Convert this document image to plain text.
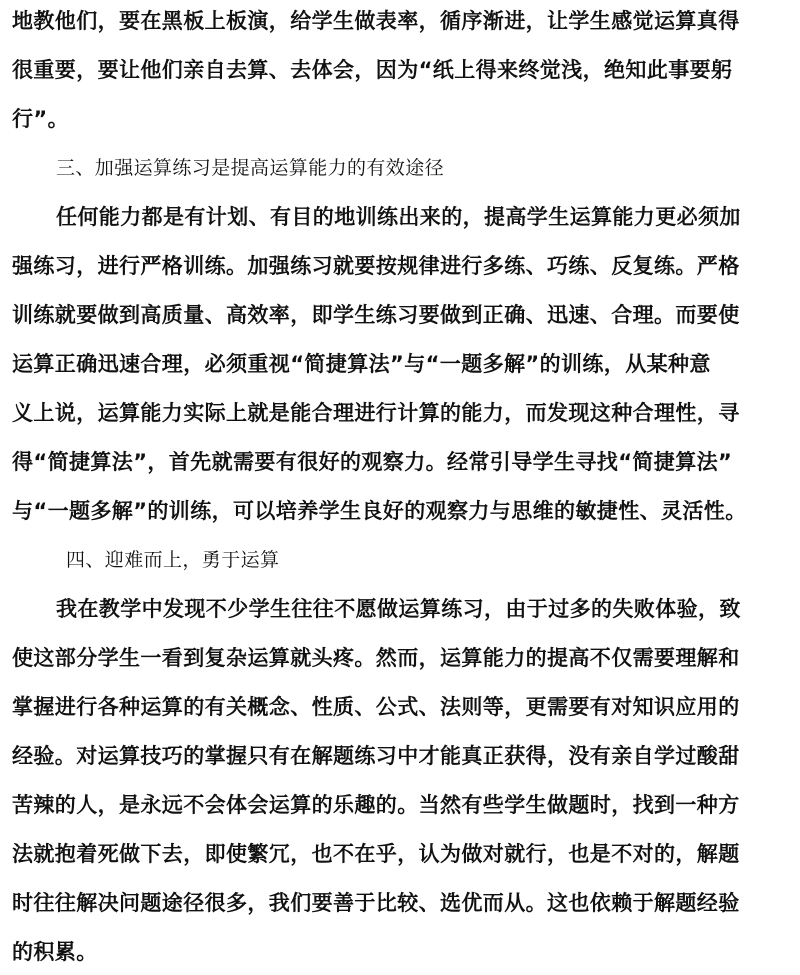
地教他们，要在黑板上板演，给学生做表率，循序渐进，让学生感觉运算真得
很重要，要让他们亲自去算、去体会，因为“纸上得来终觉浅，绝知此事要躬
行”。
三、加强运算练习是提高运算能力的有效途径
任何能力都是有计划、有目的地训练出来的，提高学生运算能力更必须加
强练习，进行严格训练。加强练习就要按规律进行多练、巧练、反复练。严格
训练就要做到高质量、高效率，即学生练习要做到正确、迅速、合理。而要使
运算正确迅速合理，必须重视“简捷算法”与“一题多解”的训练，从某种意
义上说，运算能力实际上就是能合理进行计算的能力，而发现这种合理性，寻
得“简捷算法”，首先就需要有很好的观察力。经常引导学生寻找“简捷算法”
与“一题多解”的训练，可以培养学生良好的观察力与思维的敏捷性、灵活性。
四、迎难而上，勇于运算
我在教学中发现不少学生往往不愿做运算练习，由于过多的失败体验，致
使这部分学生一看到复杂运算就头疼。然而，运算能力的提高不仅需要理解和
掌握进行各种运算的有关概念、性质、公式、法则等，更需要有对知识应用的
经验。对运算技巧的掌握只有在解题练习中才能真正获得，没有亲自学过酸甜
苦辣的人，是永远不会体会运算的乐趣的。当然有些学生做题时，找到一种方
法就抱着死做下去，即使繁冗，也不在乎，认为做对就行，也是不对的，解题
时往往解决问题途径很多，我们要善于比较、选优而从。这也依赖于解题经验
的积累。
